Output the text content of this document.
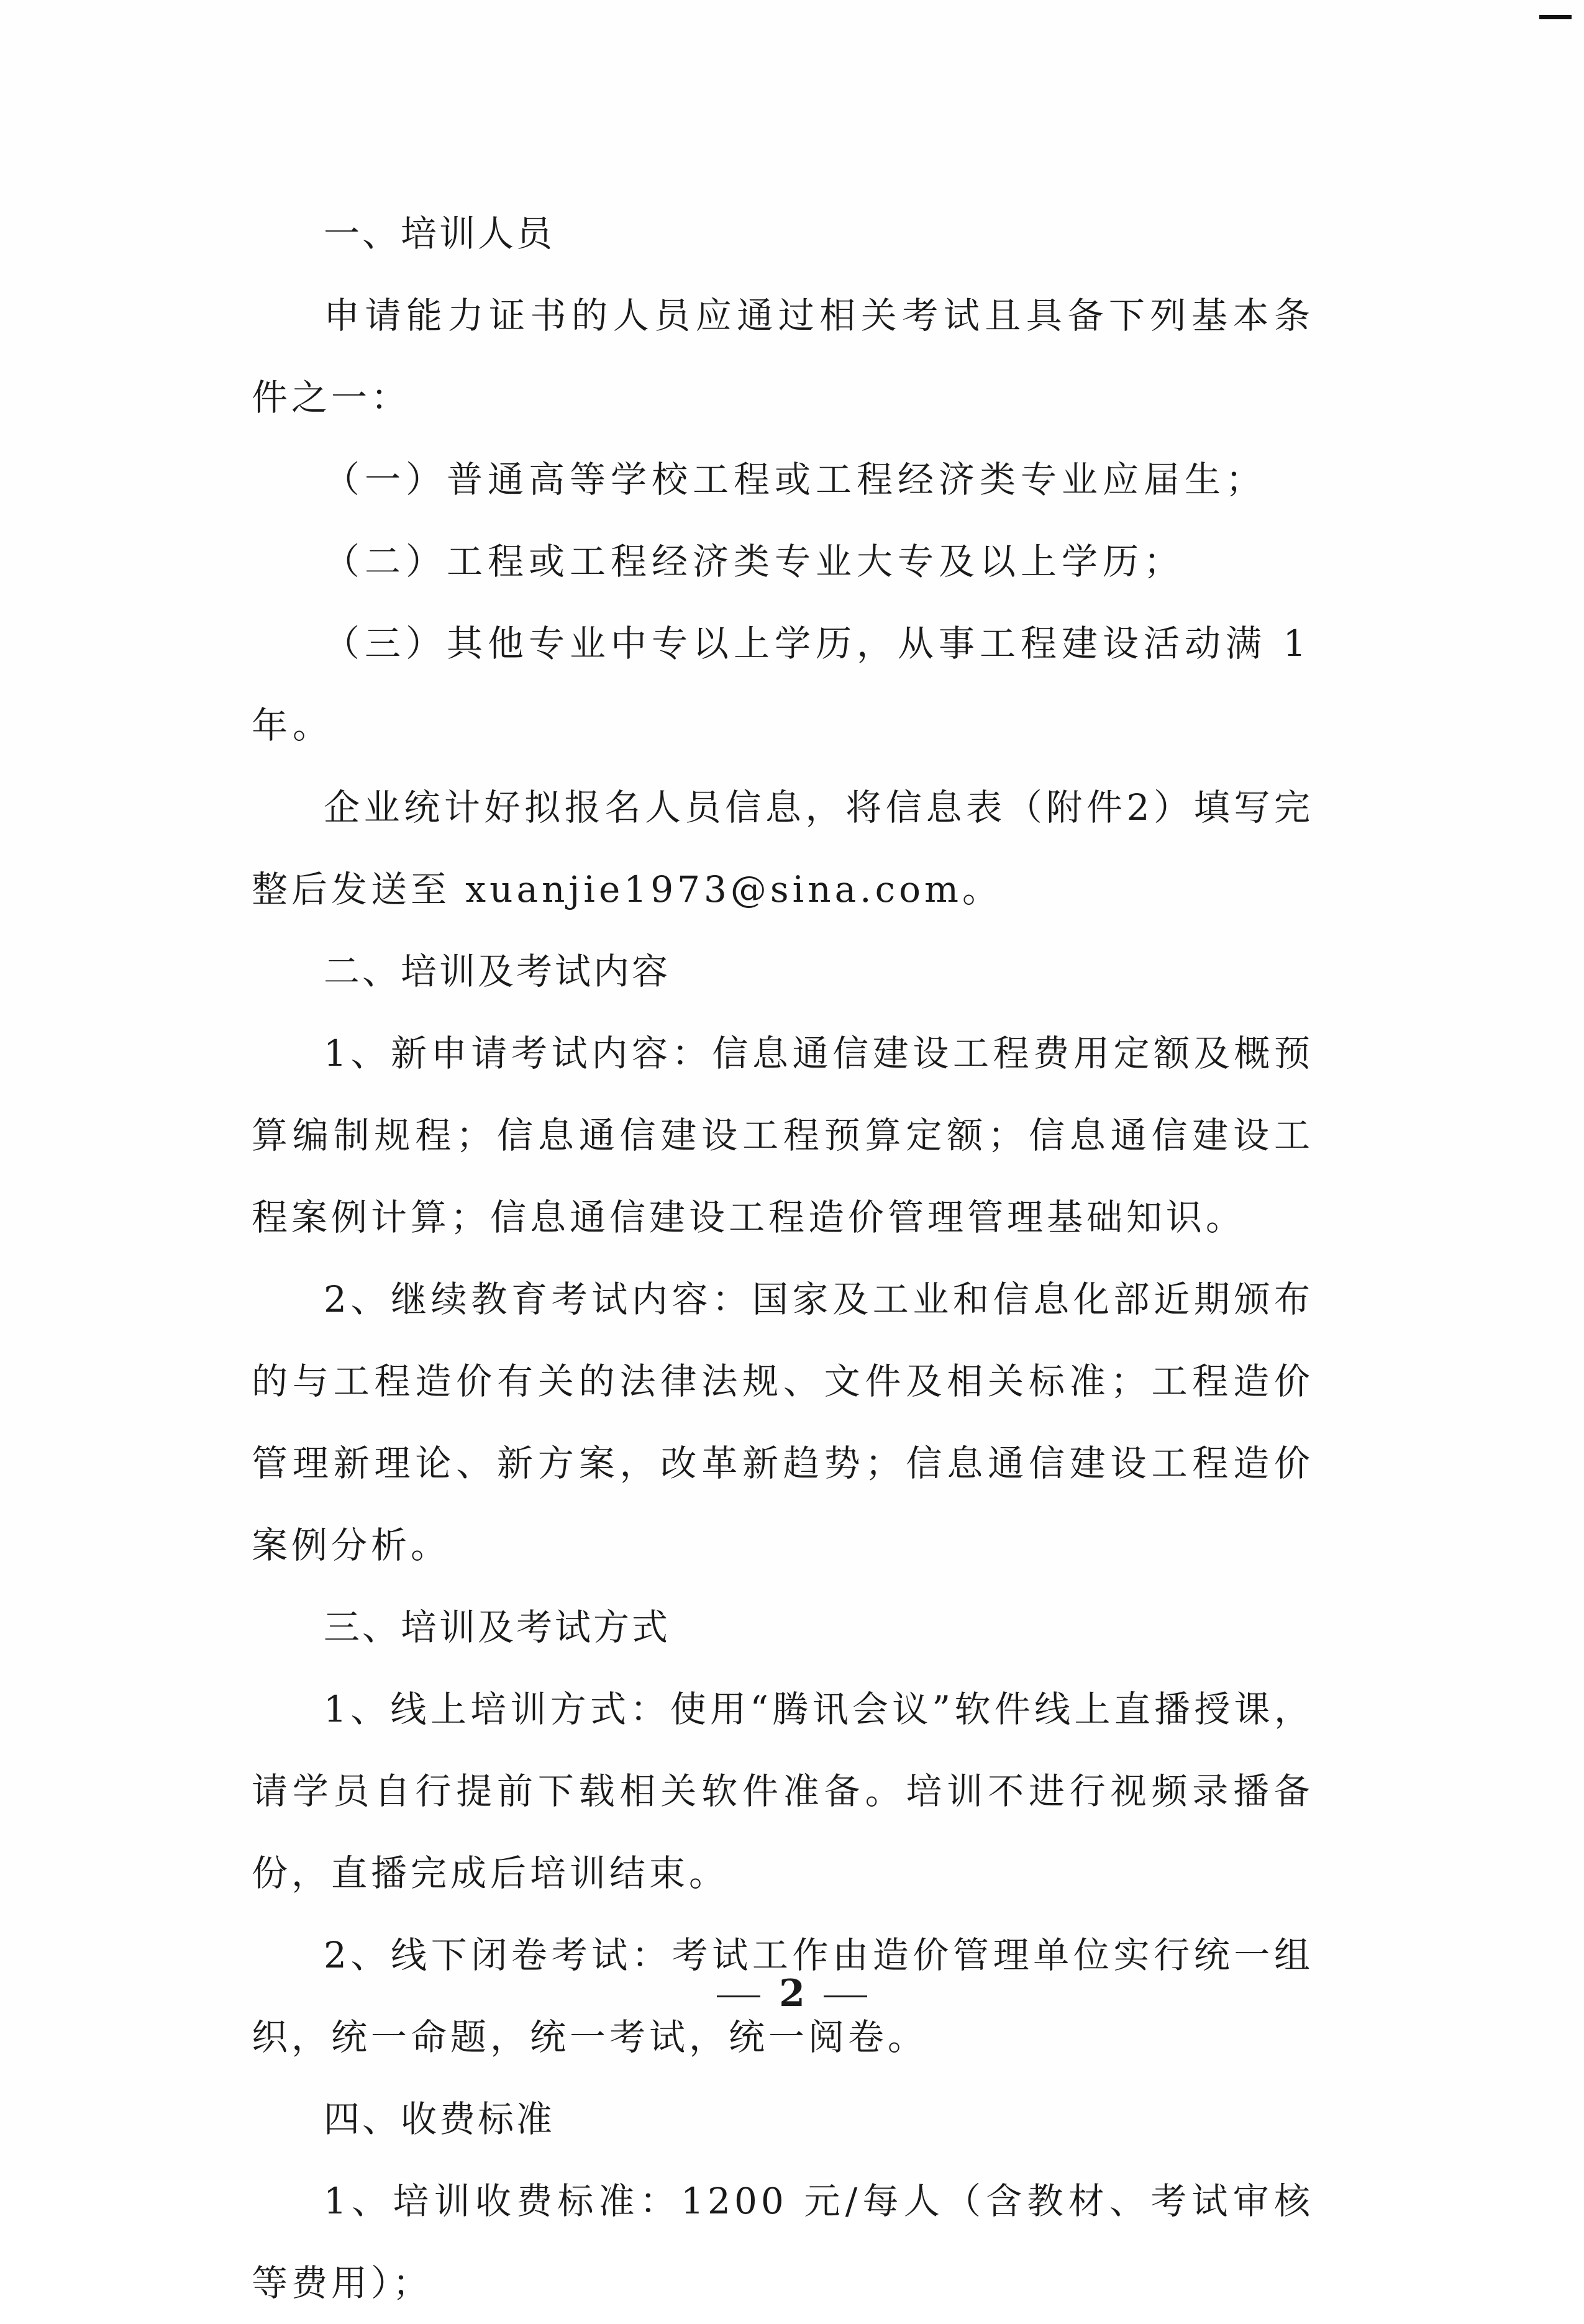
一、培训人员

申请能力证书的人员应通过相关考试且具备下列基本条件之一：

（一）普通高等学校工程或工程经济类专业应届生；

（二）工程或工程经济类专业大专及以上学历；

（三）其他专业中专以上学历，从事工程建设活动满 1 年。

企业统计好拟报名人员信息，将信息表（附件2）填写完整后发送至 xuanjie1973@sina.com。

二、培训及考试内容

1、新申请考试内容：信息通信建设工程费用定额及概预算编制规程；信息通信建设工程预算定额；信息通信建设工程案例计算；信息通信建设工程造价管理管理基础知识。

2、继续教育考试内容：国家及工业和信息化部近期颁布的与工程造价有关的法律法规、文件及相关标准；工程造价管理新理论、新方案，改革新趋势；信息通信建设工程造价案例分析。

三、培训及考试方式

1、线上培训方式：使用“腾讯会议”软件线上直播授课，请学员自行提前下载相关软件准备。培训不进行视频录播备份，直播完成后培训结束。

2、线下闭卷考试：考试工作由造价管理单位实行统一组织，统一命题，统一考试，统一阅卷。

四、收费标准

1、培训收费标准：1200 元/每人（含教材、考试审核等费用）；

2
